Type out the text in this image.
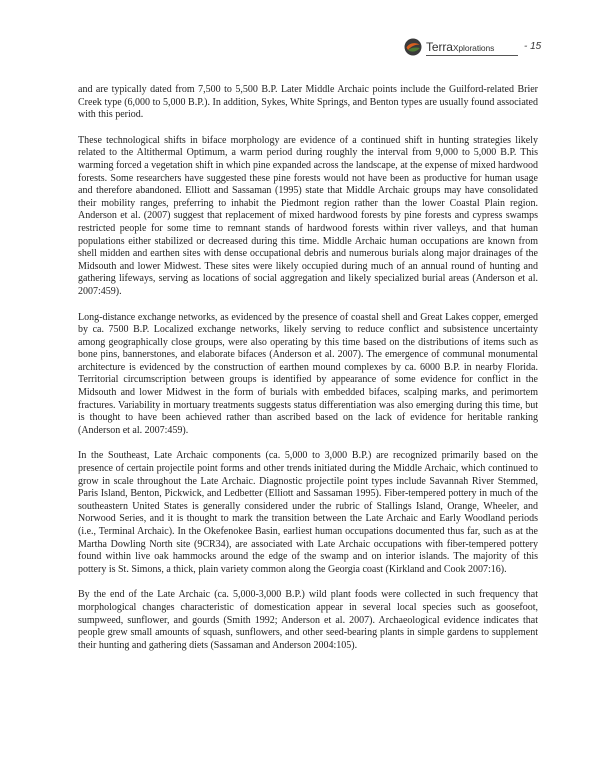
TerraXplorations	- 15

and are typically dated from 7,500 to 5,500 B.P. Later Middle Archaic points include the Guilford-related Brier Creek type (6,000 to 5,000 B.P.). In addition, Sykes, White Springs, and Benton types are usually found associated with this period.

These technological shifts in biface morphology are evidence of a continued shift in hunting strategies likely related to the Altithermal Optimum, a warm period during roughly the interval from 9,000 to 5,000 B.P. This warming forced a vegetation shift in which pine expanded across the landscape, at the expense of mixed hardwood forests. Some researchers have suggested these pine forests would not have been as productive for human usage and therefore abandoned. Elliott and Sassaman (1995) state that Middle Archaic groups may have consolidated their mobility ranges, preferring to inhabit the Piedmont region rather than the lower Coastal Plain region. Anderson et al. (2007) suggest that replacement of mixed hardwood forests by pine forests and cypress swamps restricted people for some time to remnant stands of hardwood forests within river valleys, and that human populations either stabilized or decreased during this time. Middle Archaic human occupations are known from shell midden and earthen sites with dense occupational debris and numerous burials along major drainages of the Midsouth and lower Midwest. These sites were likely occupied during much of an annual round of hunting and gathering lifeways, serving as locations of social aggregation and likely specialized burial areas (Anderson et al. 2007:459).

Long-distance exchange networks, as evidenced by the presence of coastal shell and Great Lakes copper, emerged by ca. 7500 B.P. Localized exchange networks, likely serving to reduce conflict and subsistence uncertainty among geographically close groups, were also operating by this time based on the distributions of items such as bone pins, bannerstones, and elaborate bifaces (Anderson et al. 2007). The emergence of communal monumental architecture is evidenced by the construction of earthen mound complexes by ca. 6000 B.P. in nearby Florida. Territorial circumscription between groups is identified by appearance of some evidence for conflict in the Midsouth and lower Midwest in the form of burials with embedded bifaces, scalping marks, and perimortem fractures. Variability in mortuary treatments suggests status differentiation was also emerging during this time, but is thought to have been achieved rather than ascribed based on the lack of evidence for heritable ranking (Anderson et al. 2007:459).

In the Southeast, Late Archaic components (ca. 5,000 to 3,000 B.P.) are recognized primarily based on the presence of certain projectile point forms and other trends initiated during the Middle Archaic, which continued to grow in scale throughout the Late Archaic. Diagnostic projectile point types include Savannah River Stemmed, Paris Island, Benton, Pickwick, and Ledbetter (Elliott and Sassaman 1995). Fiber-tempered pottery in much of the southeastern United States is generally considered under the rubric of Stallings Island, Orange, Wheeler, and Norwood Series, and it is thought to mark the transition between the Late Archaic and Early Woodland periods (i.e., Terminal Archaic). In the Okefenokee Basin, earliest human occupations documented thus far, such as at the Martha Dowling North site (9CR34), are associated with Late Archaic occupations with fiber-tempered pottery found within live oak hammocks around the edge of the swamp and on interior islands. The majority of this pottery is St. Simons, a thick, plain variety common along the Georgia coast (Kirkland and Cook 2007:16).

By the end of the Late Archaic (ca. 5,000-3,000 B.P.) wild plant foods were collected in such frequency that morphological changes characteristic of domestication appear in several local species such as goosefoot, sumpweed, sunflower, and gourds (Smith 1992; Anderson et al. 2007). Archaeological evidence indicates that people grew small amounts of squash, sunflowers, and other seed-bearing plants in simple gardens to supplement their hunting and gathering diets (Sassaman and Anderson 2004:105).
